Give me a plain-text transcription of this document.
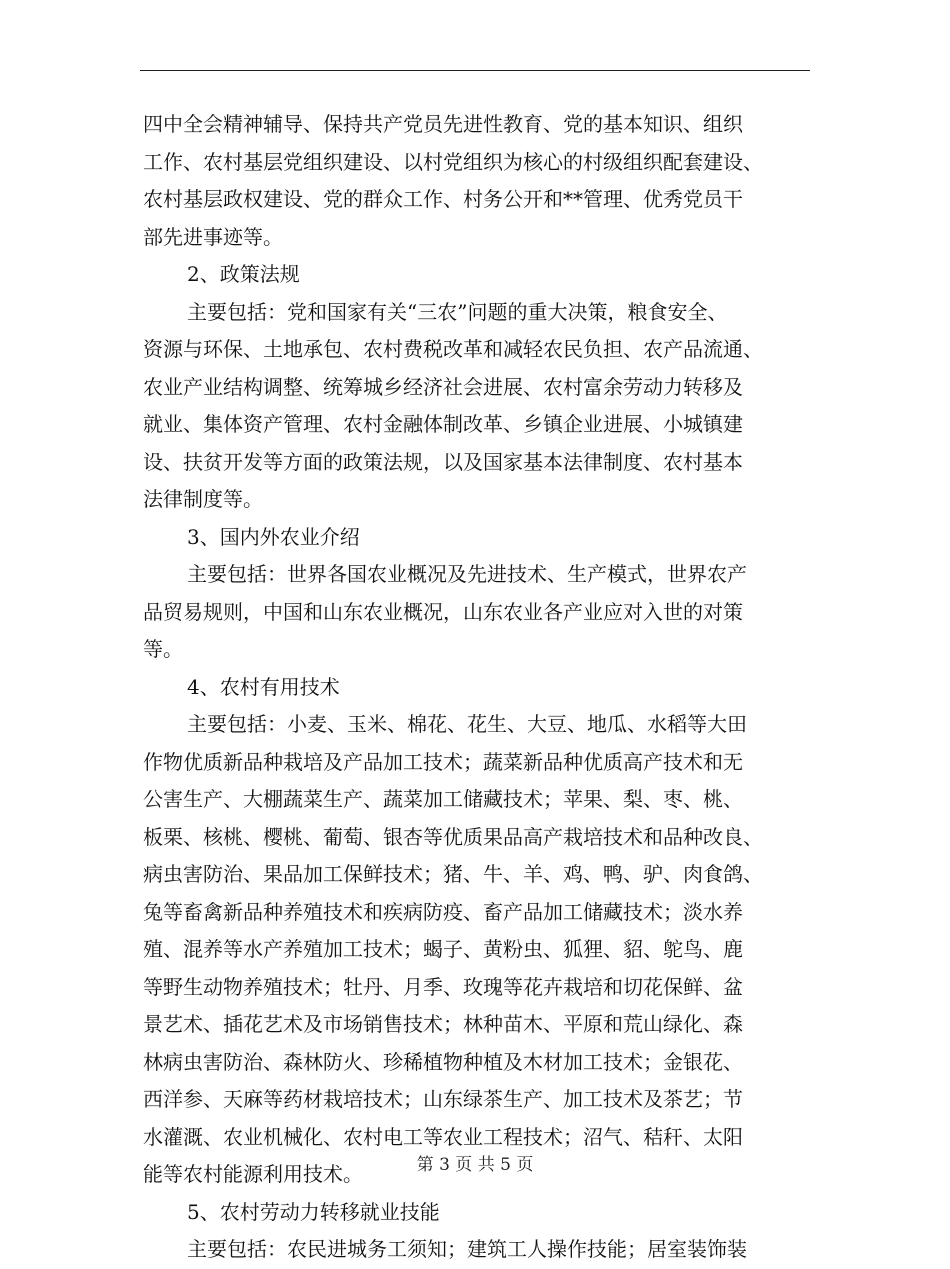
四中全会精神辅导、保持共产党员先进性教育、党的基本知识、组织
工作、农村基层党组织建设、以村党组织为核心的村级组织配套建设、
农村基层政权建设、党的群众工作、村务公开和**管理、优秀党员干
部先进事迹等。
2、政策法规
主要包括：党和国家有关“三农”问题的重大决策，粮食安全、
资源与环保、土地承包、农村费税改革和减轻农民负担、农产品流通、
农业产业结构调整、统筹城乡经济社会进展、农村富余劳动力转移及
就业、集体资产管理、农村金融体制改革、乡镇企业进展、小城镇建
设、扶贫开发等方面的政策法规，以及国家基本法律制度、农村基本
法律制度等。
3、国内外农业介绍
主要包括：世界各国农业概况及先进技术、生产模式，世界农产
品贸易规则，中国和山东农业概况，山东农业各产业应对入世的对策
等。
4、农村有用技术
主要包括：小麦、玉米、棉花、花生、大豆、地瓜、水稻等大田
作物优质新品种栽培及产品加工技术；蔬菜新品种优质高产技术和无
公害生产、大棚蔬菜生产、蔬菜加工储藏技术；苹果、梨、枣、桃、
板栗、核桃、樱桃、葡萄、银杏等优质果品高产栽培技术和品种改良、
病虫害防治、果品加工保鲜技术；猪、牛、羊、鸡、鸭、驴、肉食鸽、
兔等畜禽新品种养殖技术和疾病防疫、畜产品加工储藏技术；淡水养
殖、混养等水产养殖加工技术；蝎子、黄粉虫、狐狸、貂、鸵鸟、鹿
等野生动物养殖技术；牡丹、月季、玫瑰等花卉栽培和切花保鲜、盆
景艺术、插花艺术及市场销售技术；林种苗木、平原和荒山绿化、森
林病虫害防治、森林防火、珍稀植物种植及木材加工技术；金银花、
西洋参、天麻等药材栽培技术；山东绿茶生产、加工技术及茶艺；节
水灌溉、农业机械化、农村电工等农业工程技术；沼气、秸秆、太阳
能等农村能源利用技术。
5、农村劳动力转移就业技能
主要包括：农民进城务工须知；建筑工人操作技能；居室装饰装
第 3 页 共 5 页
